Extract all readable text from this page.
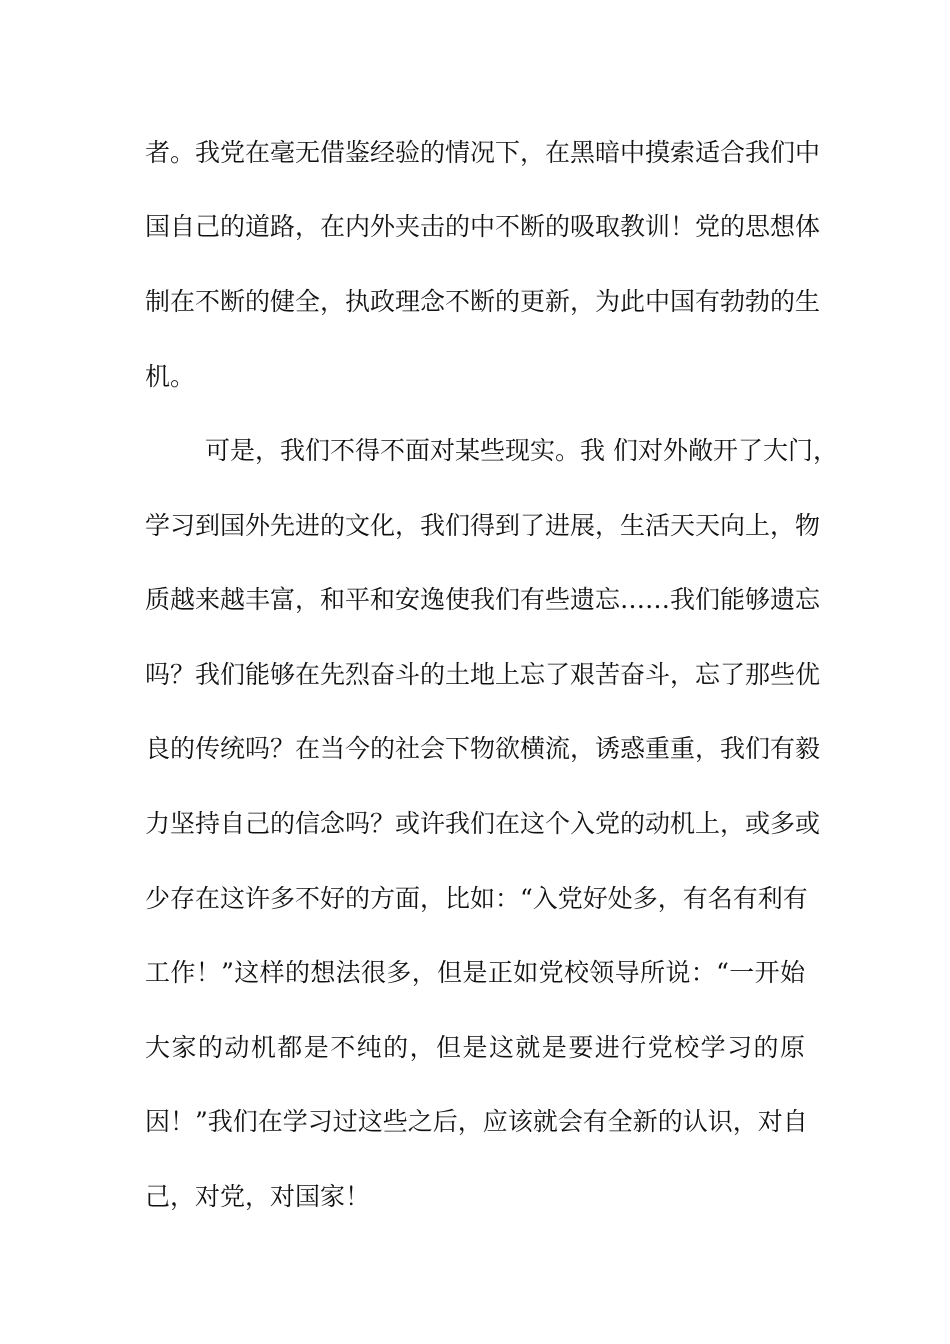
者。我党在毫无借鉴经验的情况下，在黑暗中摸索适合我们中
国自己的道路，在内外夹击的中不断的吸取教训！党的思想体
制在不断的健全，执政理念不断的更新，为此中国有勃勃的生
机。
可是，我们不得不面对某些现实。我 们对外敞开了大门，
学习到国外先进的文化，我们得到了进展，生活天天向上，物
质越来越丰富，和平和安逸使我们有些遗忘……我们能够遗忘
吗？我们能够在先烈奋斗的土地上忘了艰苦奋斗，忘了那些优
良的传统吗？在当今的社会下物欲横流，诱惑重重，我们有毅
力坚持自己的信念吗？或许我们在这个入党的动机上，或多或
少存在这许多不好的方面，比如：“入党好处多，有名有利有
工作！”这样的想法很多，但是正如党校领导所说：“一开始
大家的动机都是不纯的，但是这就是要进行党校学习的原
因！”我们在学习过这些之后，应该就会有全新的认识，对自
己，对党，对国家！
